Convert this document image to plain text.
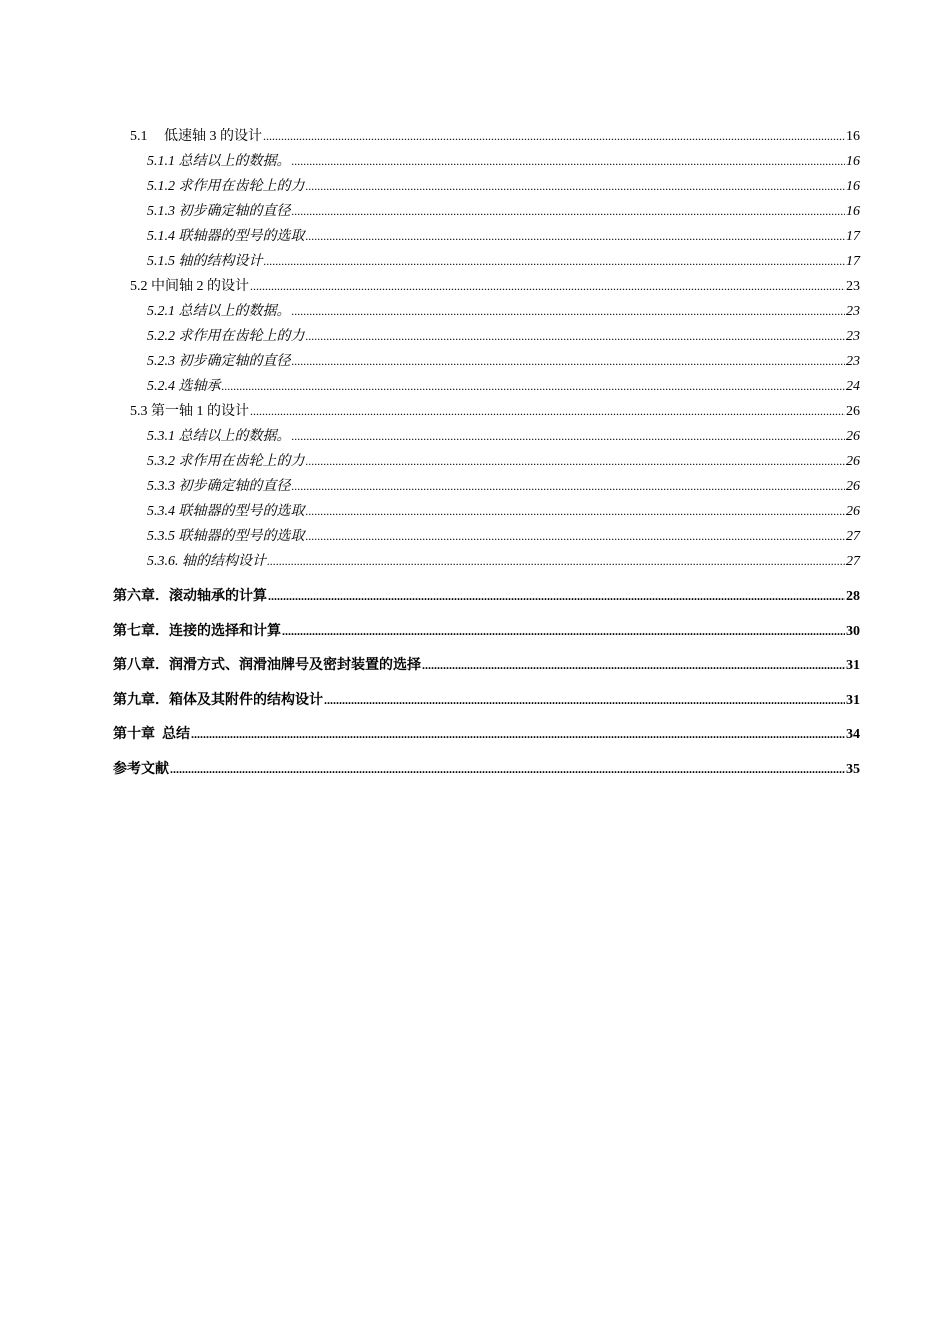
5.1 低速轴 3 的设计 .....	16
5.1.1 总结以上的数据。 .....	16
5.1.2 求作用在齿轮上的力 .....	16
5.1.3 初步确定轴的直径 .....	16
5.1.4 联轴器的型号的选取 .....	17
5.1.5 轴的结构设计 .....	17
5.2 中间轴 2 的设计 .....	23
5.2.1 总结以上的数据。 .....	23
5.2.2 求作用在齿轮上的力 .....	23
5.2.3 初步确定轴的直径 .....	23
5.2.4 选轴承 .....	24
5.3 第一轴 1 的设计 .....	26
5.3.1 总结以上的数据。 .....	26
5.3.2 求作用在齿轮上的力 .....	26
5.3.3 初步确定轴的直径 .....	26
5.3.4 联轴器的型号的选取 .....	26
5.3.5 联轴器的型号的选取 .....	27
5.3.6. 轴的结构设计 .....	27
第六章．滚动轴承的计算 .....	28
第七章．连接的选择和计算 .....	30
第八章．润滑方式、润滑油牌号及密封装置的选择 .....	31
第九章．箱体及其附件的结构设计 .....	31
第十章  总结 .....	34
参考文献 .....	35
